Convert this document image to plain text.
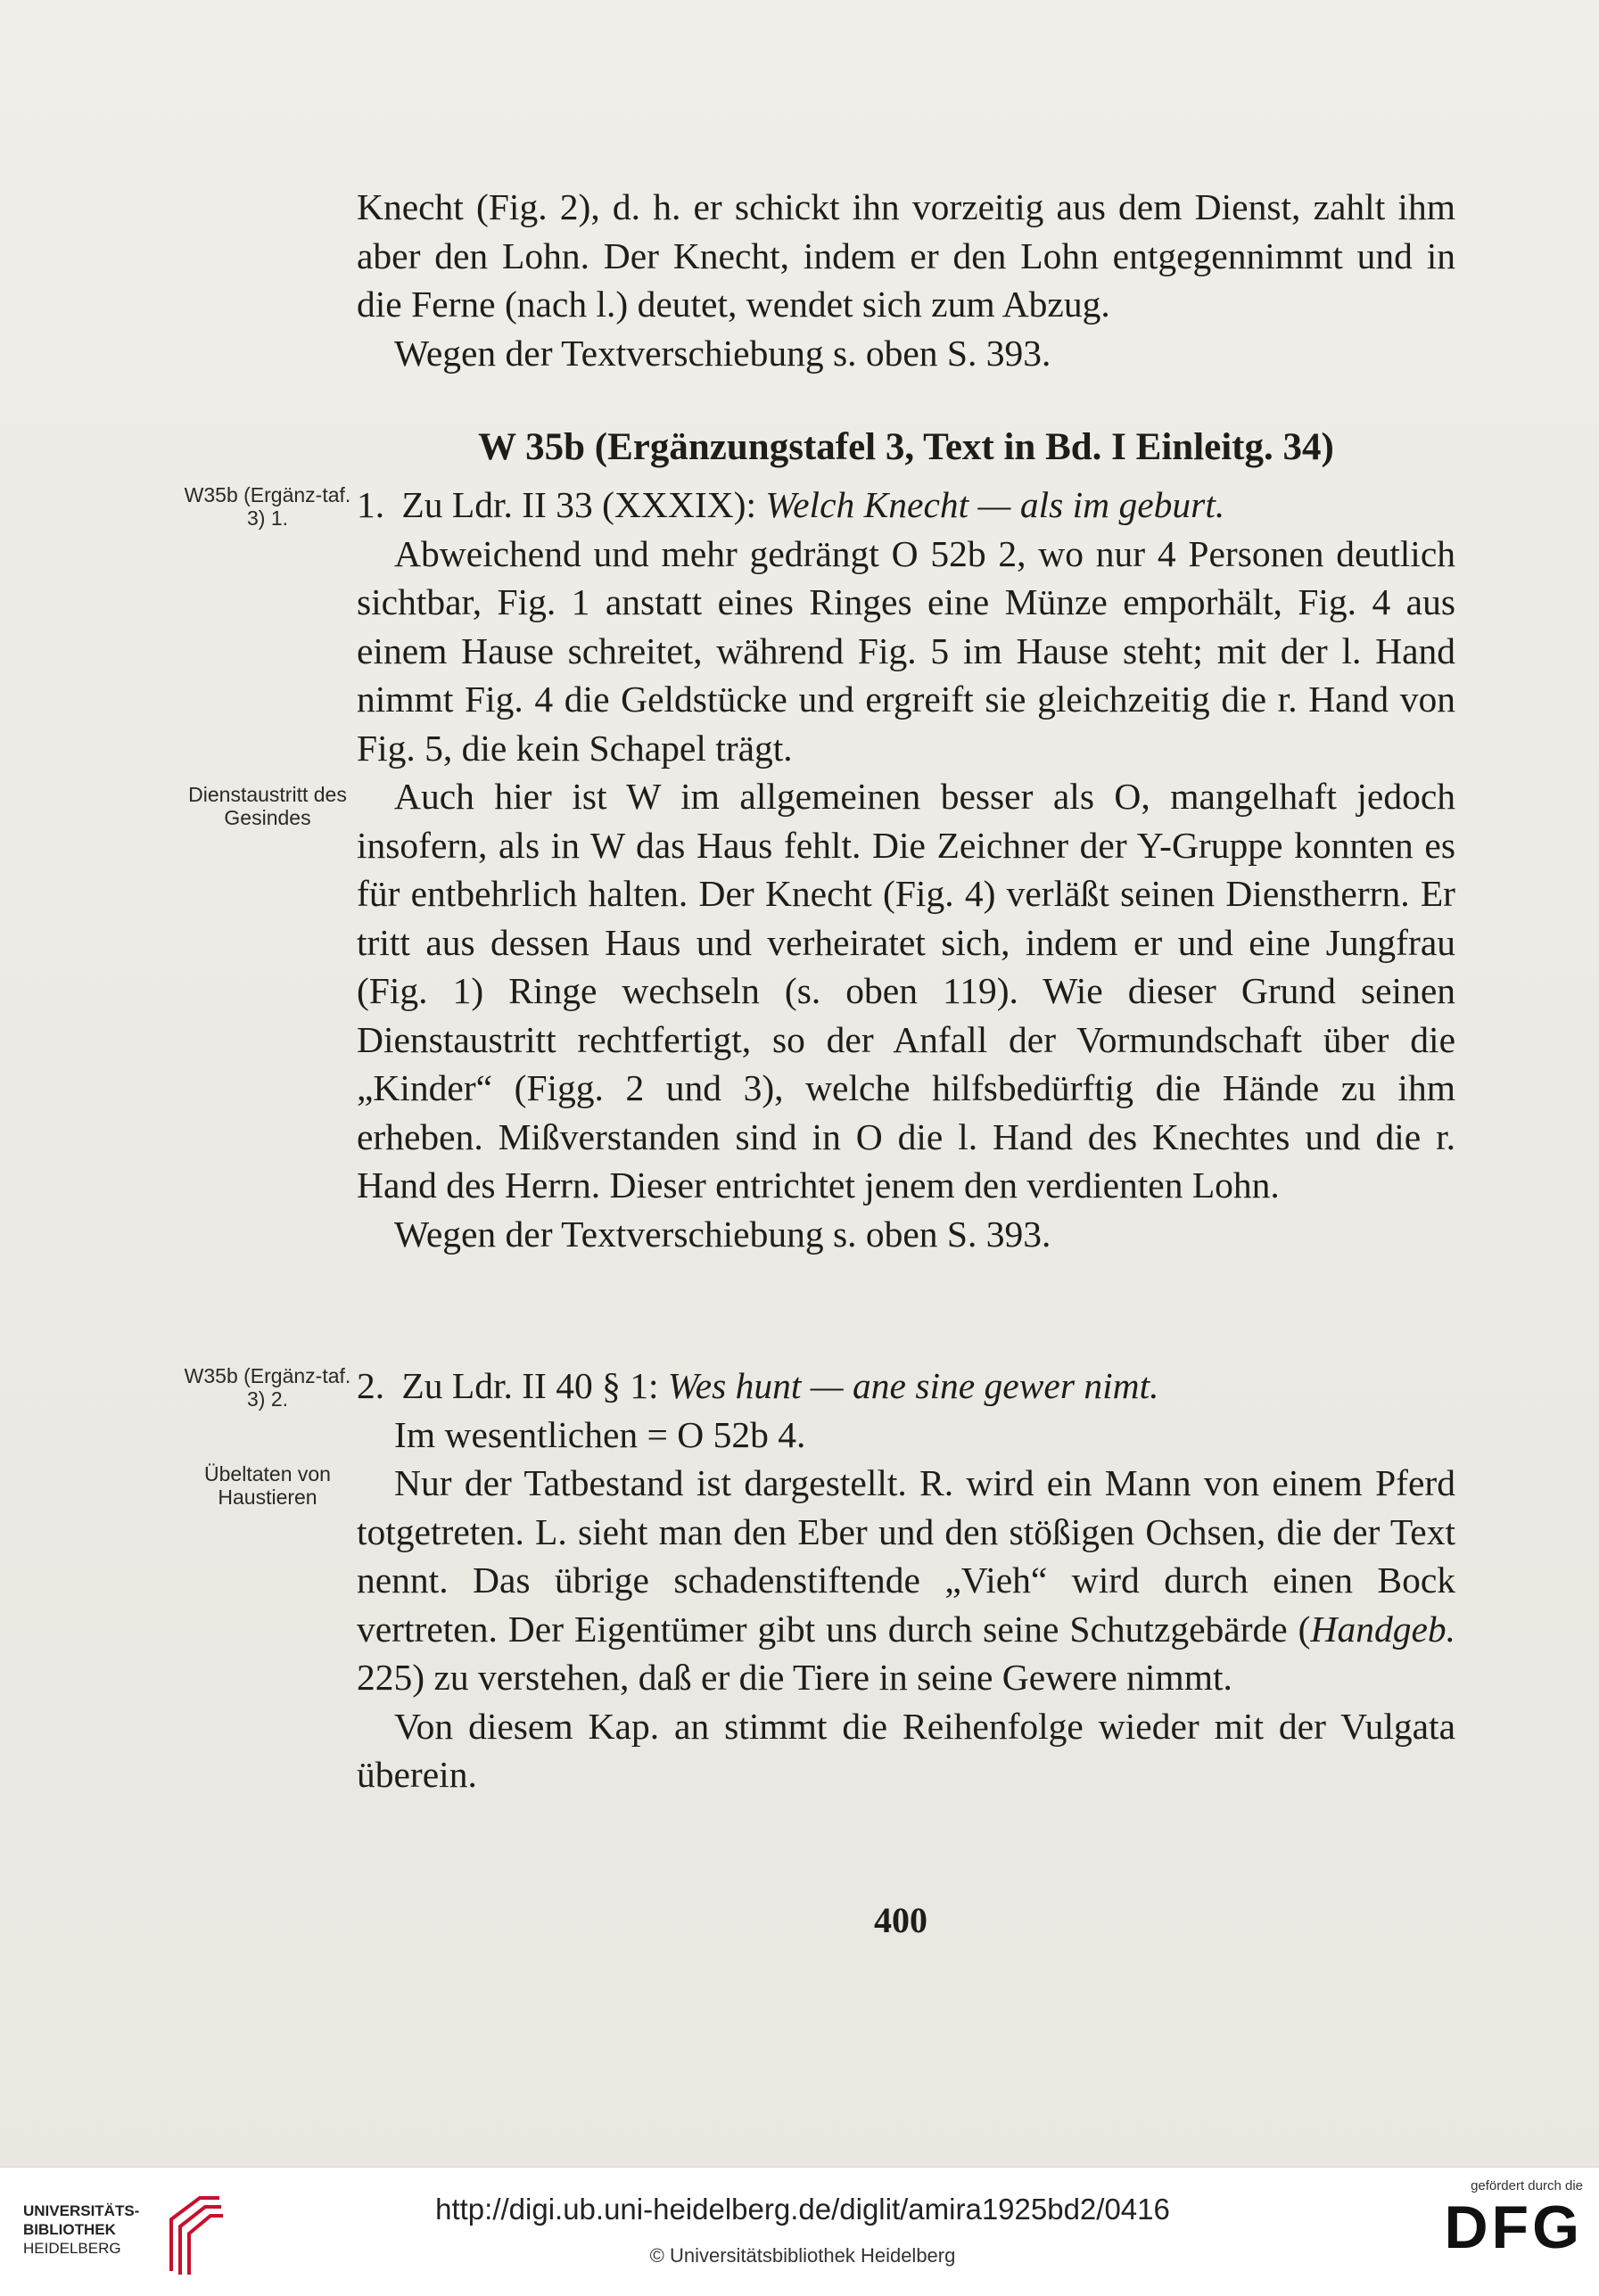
Knecht (Fig. 2), d. h. er schickt ihn vorzeitig aus dem Dienst, zahlt ihm aber den Lohn. Der Knecht, indem er den Lohn entgegennimmt und in die Ferne (nach l.) deutet, wendet sich zum Abzug.

Wegen der Textverschiebung s. oben S. 393.

W 35b (Ergänzungstafel 3, Text in Bd. I Einleitg. 34)
W35b (Ergänz-taf. 3) 1.	1. Zu Ldr. II 33 (XXXIX): Welch Knecht — als im geburt.

Abweichend und mehr gedrängt O 52b 2, wo nur 4 Personen deutlich sichtbar, Fig. 1 anstatt eines Ringes eine Münze emporhält, Fig. 4 aus einem Hause schreitet, während Fig. 5 im Hause steht; mit der l. Hand nimmt Fig. 4 die Geldstücke und ergreift sie gleichzeitig die r. Hand von Fig. 5, die kein Schapel trägt.

Auch hier ist W im allgemeinen besser als O, mangelhaft jedoch insofern, als in W das Haus fehlt. Die Zeichner der Y-Gruppe konnten es für entbehrlich halten. Der Knecht (Fig. 4) verläßt seinen Dienstherrn. Er tritt aus dessen Haus und verheiratet sich, indem er und eine Jungfrau (Fig. 1) Ringe wechseln (s. oben 119). Wie dieser Grund seinen Dienstaustritt rechtfertigt, so der Anfall der Vormundschaft über die „Kinder“ (Figg. 2 und 3), welche hilfsbedürftig die Hände zu ihm erheben. Mißverstanden sind in O die l. Hand des Knechtes und die r. Hand des Herrn. Dieser entrichtet jenem den verdienten Lohn.

Wegen der Textverschiebung s. oben S. 393.

Dienstaustritt des Gesindes
W35b (Ergänz-taf. 3) 2.	2. Zu Ldr. II 40 § 1: Wes hunt — ane sine gewer nimt.

Im wesentlichen = O 52b 4.

Nur der Tatbestand ist dargestellt. R. wird ein Mann von einem Pferd totgetreten. L. sieht man den Eber und den stößigen Ochsen, die der Text nennt. Das übrige schadenstiftende „Vieh“ wird durch einen Bock vertreten. Der Eigentümer gibt uns durch seine Schutzgebärde (Handgeb. 225) zu verstehen, daß er die Tiere in seine Gewere nimmt.

Von diesem Kap. an stimmt die Reihenfolge wieder mit der Vulgata überein.

Übeltaten von Haustieren
400
UNIVERSITÄTS-
BIBLIOTHEK
HEIDELBERG
http://digi.ub.uni-heidelberg.de/diglit/amira1925bd2/0416
© Universitätsbibliothek Heidelberg
gefördert durch die
DFG
